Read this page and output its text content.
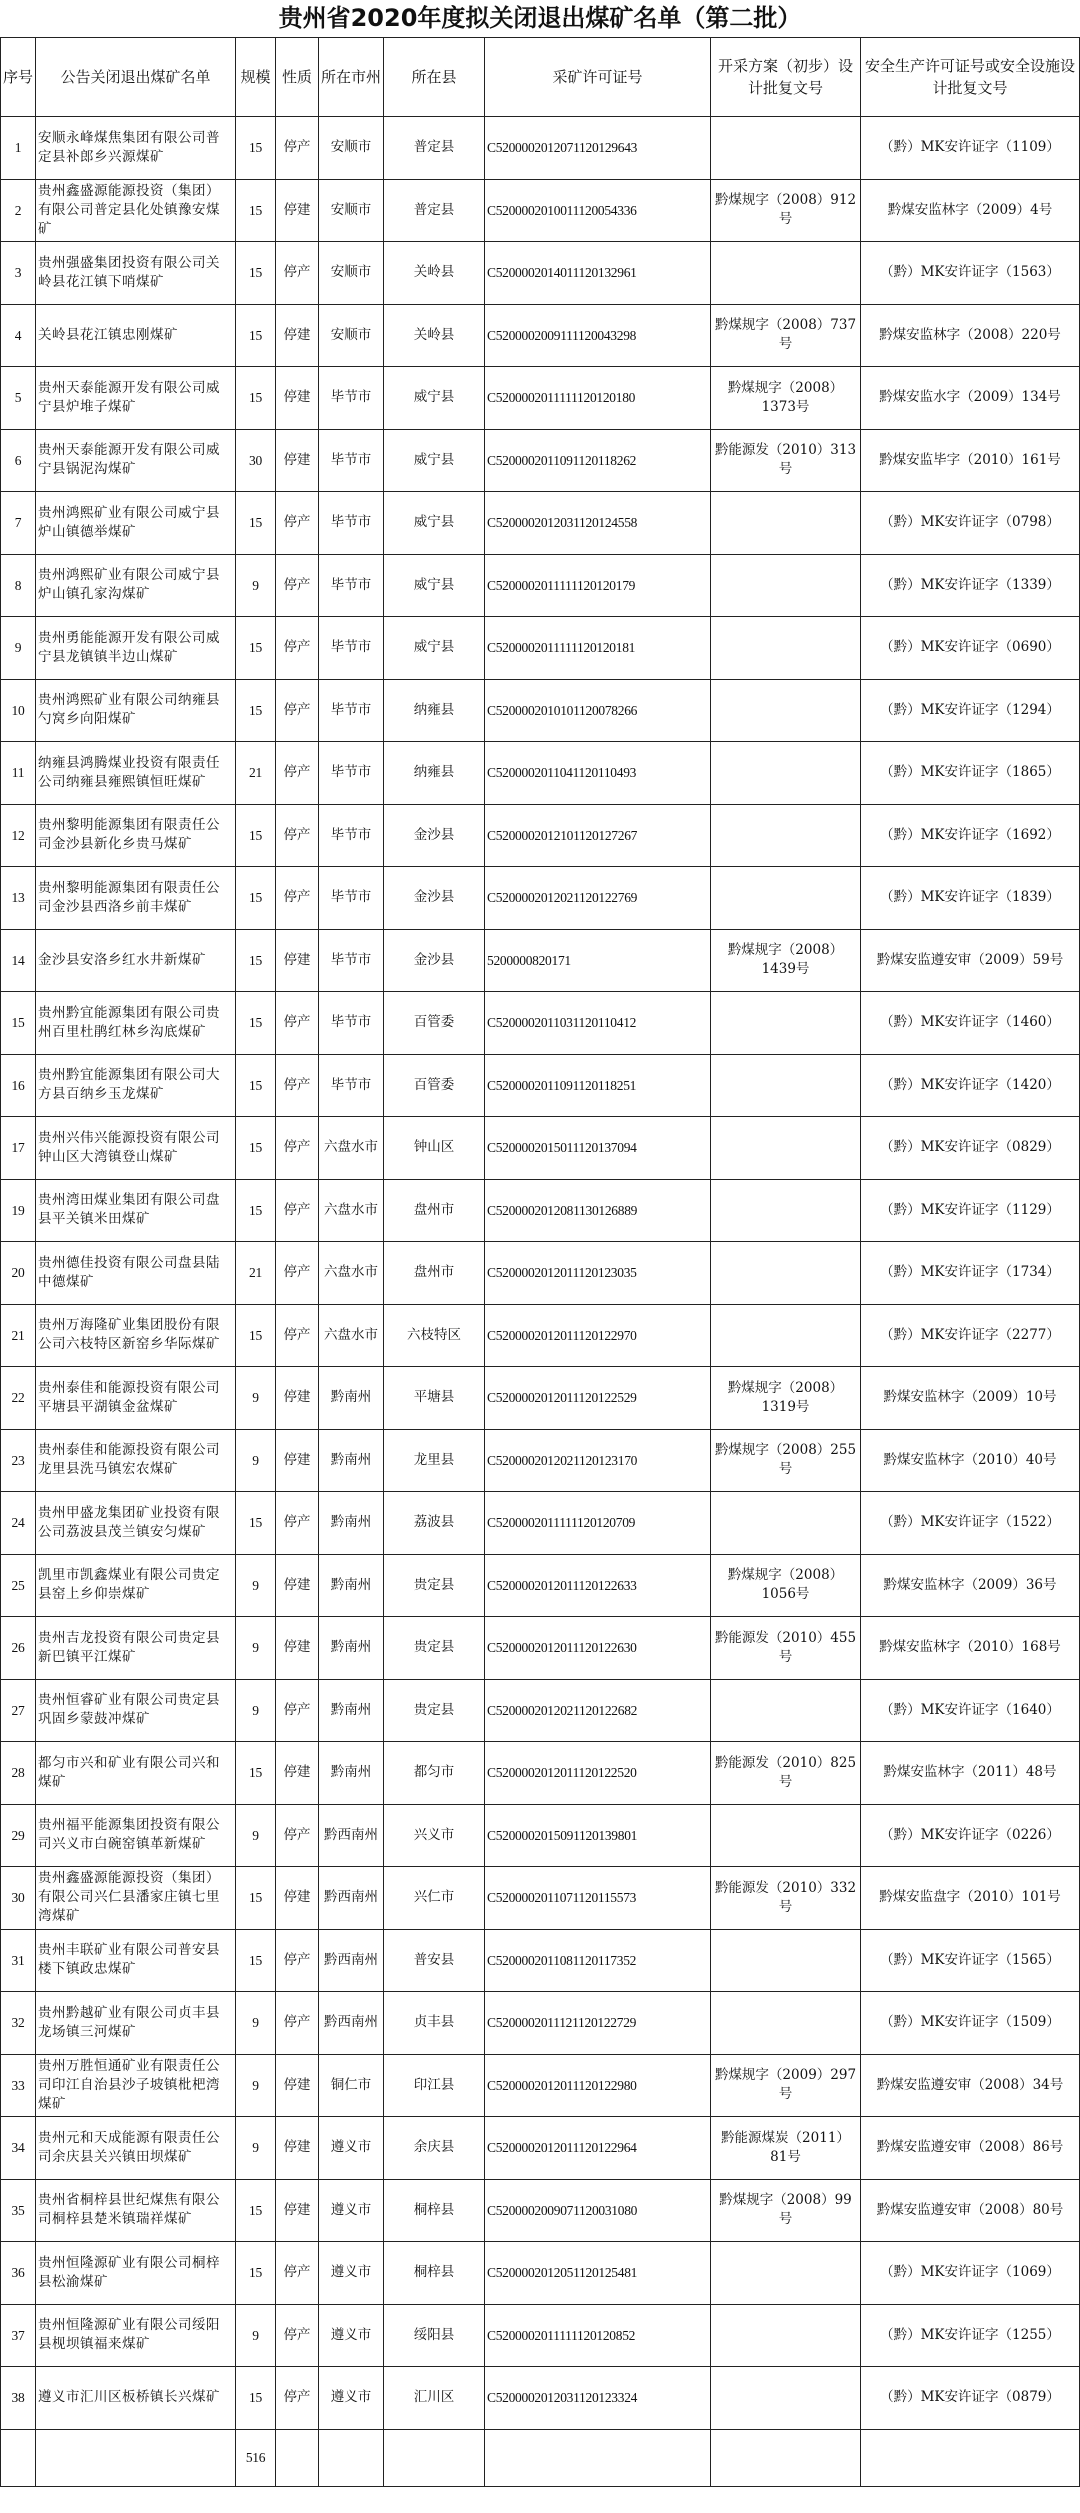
贵州省2020年度拟关闭退出煤矿名单（第二批）
序号	公告关闭退出煤矿名单	规模	性质	所在市州	所在县	采矿许可证号	开采方案（初步）设计批复文号	安全生产许可证号或安全设施设计批复文号
1	安顺永峰煤焦集团有限公司普定县补郎乡兴源煤矿	15	停产	安顺市	普定县	C5200002012071120129643		（黔）MK安许证字（1109）
2	贵州鑫盛源能源投资（集团）有限公司普定县化处镇豫安煤矿	15	停建	安顺市	普定县	C5200002010011120054336	黔煤规字（2008）912号	黔煤安监林字（2009）4号
3	贵州强盛集团投资有限公司关岭县花江镇下哨煤矿	15	停产	安顺市	关岭县	C5200002014011120132961		（黔）MK安许证字（1563）
4	关岭县花江镇忠刚煤矿	15	停建	安顺市	关岭县	C5200002009111120043298	黔煤规字（2008）737号	黔煤安监林字（2008）220号
5	贵州天泰能源开发有限公司威宁县炉堆子煤矿	15	停建	毕节市	威宁县	C5200002011111120120180	黔煤规字（2008）1373号	黔煤安监水字（2009）134号
6	贵州天泰能源开发有限公司威宁县锅泥沟煤矿	30	停建	毕节市	威宁县	C5200002011091120118262	黔能源发（2010）313号	黔煤安监毕字（2010）161号
7	贵州鸿熙矿业有限公司威宁县炉山镇德举煤矿	15	停产	毕节市	威宁县	C5200002012031120124558		（黔）MK安许证字（0798）
8	贵州鸿熙矿业有限公司威宁县炉山镇孔家沟煤矿	9	停产	毕节市	威宁县	C5200002011111120120179		（黔）MK安许证字（1339）
9	贵州勇能能源开发有限公司威宁县龙镇镇半边山煤矿	15	停产	毕节市	威宁县	C5200002011111120120181		（黔）MK安许证字（0690）
10	贵州鸿熙矿业有限公司纳雍县勺窝乡向阳煤矿	15	停产	毕节市	纳雍县	C5200002010101120078266		（黔）MK安许证字（1294）
11	纳雍县鸿腾煤业投资有限责任公司纳雍县雍熙镇恒旺煤矿	21	停产	毕节市	纳雍县	C5200002011041120110493		（黔）MK安许证字（1865）
12	贵州黎明能源集团有限责任公司金沙县新化乡贵马煤矿	15	停产	毕节市	金沙县	C5200002012101120127267		（黔）MK安许证字（1692）
13	贵州黎明能源集团有限责任公司金沙县西洛乡前丰煤矿	15	停产	毕节市	金沙县	C5200002012021120122769		（黔）MK安许证字（1839）
14	金沙县安洛乡红水井新煤矿	15	停建	毕节市	金沙县	5200000820171	黔煤规字（2008）1439号	黔煤安监遵安审（2009）59号
15	贵州黔宜能源集团有限公司贵州百里杜鹃红林乡沟底煤矿	15	停产	毕节市	百管委	C5200002011031120110412		（黔）MK安许证字（1460）
16	贵州黔宜能源集团有限公司大方县百纳乡玉龙煤矿	15	停产	毕节市	百管委	C5200002011091120118251		（黔）MK安许证字（1420）
17	贵州兴伟兴能源投资有限公司钟山区大湾镇登山煤矿	15	停产	六盘水市	钟山区	C5200002015011120137094		（黔）MK安许证字（0829）
19	贵州湾田煤业集团有限公司盘县平关镇米田煤矿	15	停产	六盘水市	盘州市	C5200002012081130126889		（黔）MK安许证字（1129）
20	贵州德佳投资有限公司盘县陆中德煤矿	21	停产	六盘水市	盘州市	C5200002012011120123035		（黔）MK安许证字（1734）
21	贵州万海隆矿业集团股份有限公司六枝特区新窑乡华际煤矿	15	停产	六盘水市	六枝特区	C5200002012011120122970		（黔）MK安许证字（2277）
22	贵州泰佳和能源投资有限公司平塘县平湖镇金盆煤矿	9	停建	黔南州	平塘县	C5200002012011120122529	黔煤规字（2008）1319号	黔煤安监林字（2009）10号
23	贵州泰佳和能源投资有限公司龙里县洗马镇宏农煤矿	9	停建	黔南州	龙里县	C5200002012021120123170	黔煤规字（2008）255号	黔煤安监林字（2010）40号
24	贵州甲盛龙集团矿业投资有限公司荔波县茂兰镇安匀煤矿	15	停产	黔南州	荔波县	C5200002011111120120709		（黔）MK安许证字（1522）
25	凯里市凯鑫煤业有限公司贵定县窑上乡仰崇煤矿	9	停建	黔南州	贵定县	C5200002012011120122633	黔煤规字（2008）1056号	黔煤安监林字（2009）36号
26	贵州吉龙投资有限公司贵定县新巴镇平江煤矿	9	停建	黔南州	贵定县	C5200002012011120122630	黔能源发（2010）455号	黔煤安监林字（2010）168号
27	贵州恒睿矿业有限公司贵定县巩固乡蒙鼓冲煤矿	9	停产	黔南州	贵定县	C5200002012021120122682		（黔）MK安许证字（1640）
28	都匀市兴和矿业有限公司兴和煤矿	15	停建	黔南州	都匀市	C5200002012011120122520	黔能源发（2010）825号	黔煤安监林字（2011）48号
29	贵州福平能源集团投资有限公司兴义市白碗窑镇革新煤矿	9	停产	黔西南州	兴义市	C5200002015091120139801		（黔）MK安许证字（0226）
30	贵州鑫盛源能源投资（集团）有限公司兴仁县潘家庄镇七里湾煤矿	15	停建	黔西南州	兴仁市	C5200002011071120115573	黔能源发（2010）332号	黔煤安监盘字（2010）101号
31	贵州丰联矿业有限公司普安县楼下镇政忠煤矿	15	停产	黔西南州	普安县	C5200002011081120117352		（黔）MK安许证字（1565）
32	贵州黔越矿业有限公司贞丰县龙场镇三河煤矿	9	停产	黔西南州	贞丰县	C5200002011121120122729		（黔）MK安许证字（1509）
33	贵州万胜恒通矿业有限责任公司印江自治县沙子坡镇枇杷湾煤矿	9	停建	铜仁市	印江县	C5200002012011120122980	黔煤规字（2009）297号	黔煤安监遵安审（2008）34号
34	贵州元和天成能源有限责任公司余庆县关兴镇田坝煤矿	9	停建	遵义市	余庆县	C5200002012011120122964	黔能源煤炭（2011）81号	黔煤安监遵安审（2008）86号
35	贵州省桐梓县世纪煤焦有限公司桐梓县楚米镇瑞祥煤矿	15	停建	遵义市	桐梓县	C5200002009071120031080	黔煤规字（2008）99号	黔煤安监遵安审（2008）80号
36	贵州恒隆源矿业有限公司桐梓县松渝煤矿	15	停产	遵义市	桐梓县	C5200002012051120125481		（黔）MK安许证字（1069）
37	贵州恒隆源矿业有限公司绥阳县枧坝镇福来煤矿	9	停产	遵义市	绥阳县	C5200002011111120120852		（黔）MK安许证字（1255）
38	遵义市汇川区板桥镇长兴煤矿	15	停产	遵义市	汇川区	C5200002012031120123324		（黔）MK安许证字（0879）
		516						
